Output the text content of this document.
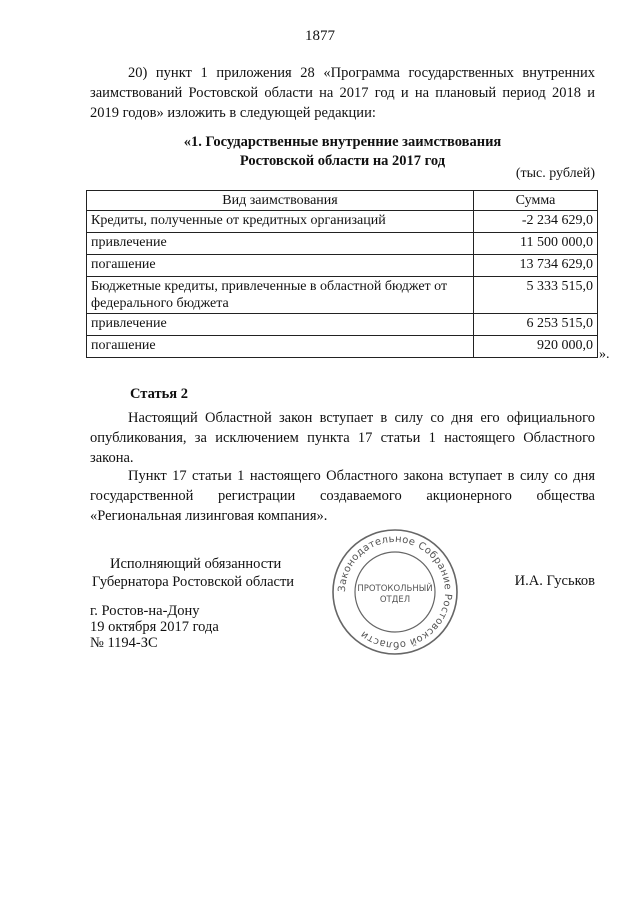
1877
20) пункт 1 приложения 28 «Программа государственных внутренних заимствований Ростовской области на 2017 год и на плановый период 2018 и 2019 годов» изложить в следующей редакции:
«1. Государственные внутренние заимствования
Ростовской области на 2017 год
(тыс. рублей)
Вид заимствования	Сумма
Кредиты, полученные от кредитных организаций	-2 234 629,0
привлечение	11 500 000,0
погашение	13 734 629,0
Бюджетные кредиты, привлеченные в областной бюджет от федерального бюджета	5 333 515,0
привлечение	6 253 515,0
погашение	920 000,0
».
Статья 2
Настоящий Областной закон вступает в силу со дня его официального опубликования, за исключением пункта 17 статьи 1 настоящего Областного закона.
Пункт 17 статьи 1 настоящего Областного закона вступает в силу со дня государственной регистрации создаваемого акционерного общества «Региональная лизинговая компания».
Исполняющий обязанности
Губернатора Ростовской области	Законодательное Собрание Ростовской области
ПРОТОКОЛЬНЫЙ
ОТДЕЛ
И.А. Гуськов
г. Ростов-на-Дону
19 октября 2017 года
№ 1194-ЗС
